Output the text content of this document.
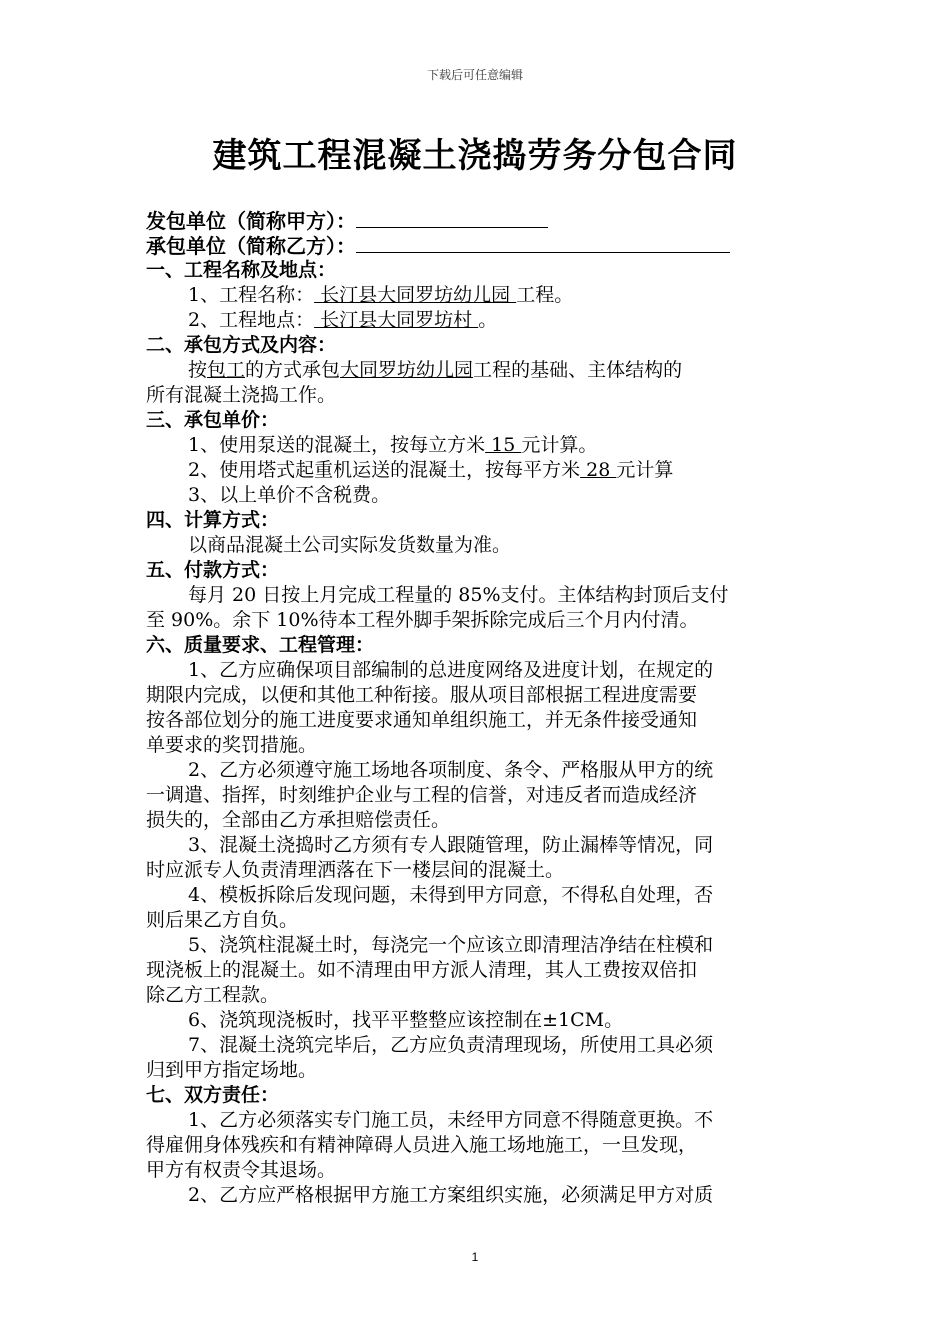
下载后可任意编辑
建筑工程混凝土浇捣劳务分包合同
发包单位（简称甲方）：
承包单位（简称乙方）：
一、工程名称及地点：
1、工程名称： 长汀县大同罗坊幼儿园 工程。
2、工程地点： 长汀县大同罗坊村 。
二、承包方式及内容：
按包工的方式承包大同罗坊幼儿园工程的基础、主体结构的
所有混凝土浇捣工作。
三、承包单价：
1、使用泵送的混凝土，按每立方米 15 元计算。
2、使用塔式起重机运送的混凝土，按每平方米 28 元计算
3、以上单价不含税费。
四、计算方式：
以商品混凝土公司实际发货数量为准。
五、付款方式：
每月 20 日按上月完成工程量的 85%支付。主体结构封顶后支付
至 90%。余下 10%待本工程外脚手架拆除完成后三个月内付清。
六、质量要求、工程管理：
1、乙方应确保项目部编制的总进度网络及进度计划，在规定的
期限内完成，以便和其他工种衔接。服从项目部根据工程进度需要
按各部位划分的施工进度要求通知单组织施工，并无条件接受通知
单要求的奖罚措施。
2、乙方必须遵守施工场地各项制度、条令、严格服从甲方的统
一调遣、指挥，时刻维护企业与工程的信誉，对违反者而造成经济
损失的，全部由乙方承担赔偿责任。
3、混凝土浇捣时乙方须有专人跟随管理，防止漏棒等情况，同
时应派专人负责清理洒落在下一楼层间的混凝土。
4、模板拆除后发现问题，未得到甲方同意，不得私自处理，否
则后果乙方自负。
5、浇筑柱混凝土时，每浇完一个应该立即清理洁净结在柱模和
现浇板上的混凝土。如不清理由甲方派人清理，其人工费按双倍扣
除乙方工程款。
6、浇筑现浇板时，找平平整整应该控制在±1CM。
7、混凝土浇筑完毕后，乙方应负责清理现场，所使用工具必须
归到甲方指定场地。
七、双方责任：
1、乙方必须落实专门施工员，未经甲方同意不得随意更换。不
得雇佣身体残疾和有精神障碍人员进入施工场地施工，一旦发现，
甲方有权责令其退场。
2、乙方应严格根据甲方施工方案组织实施，必须满足甲方对质
1
